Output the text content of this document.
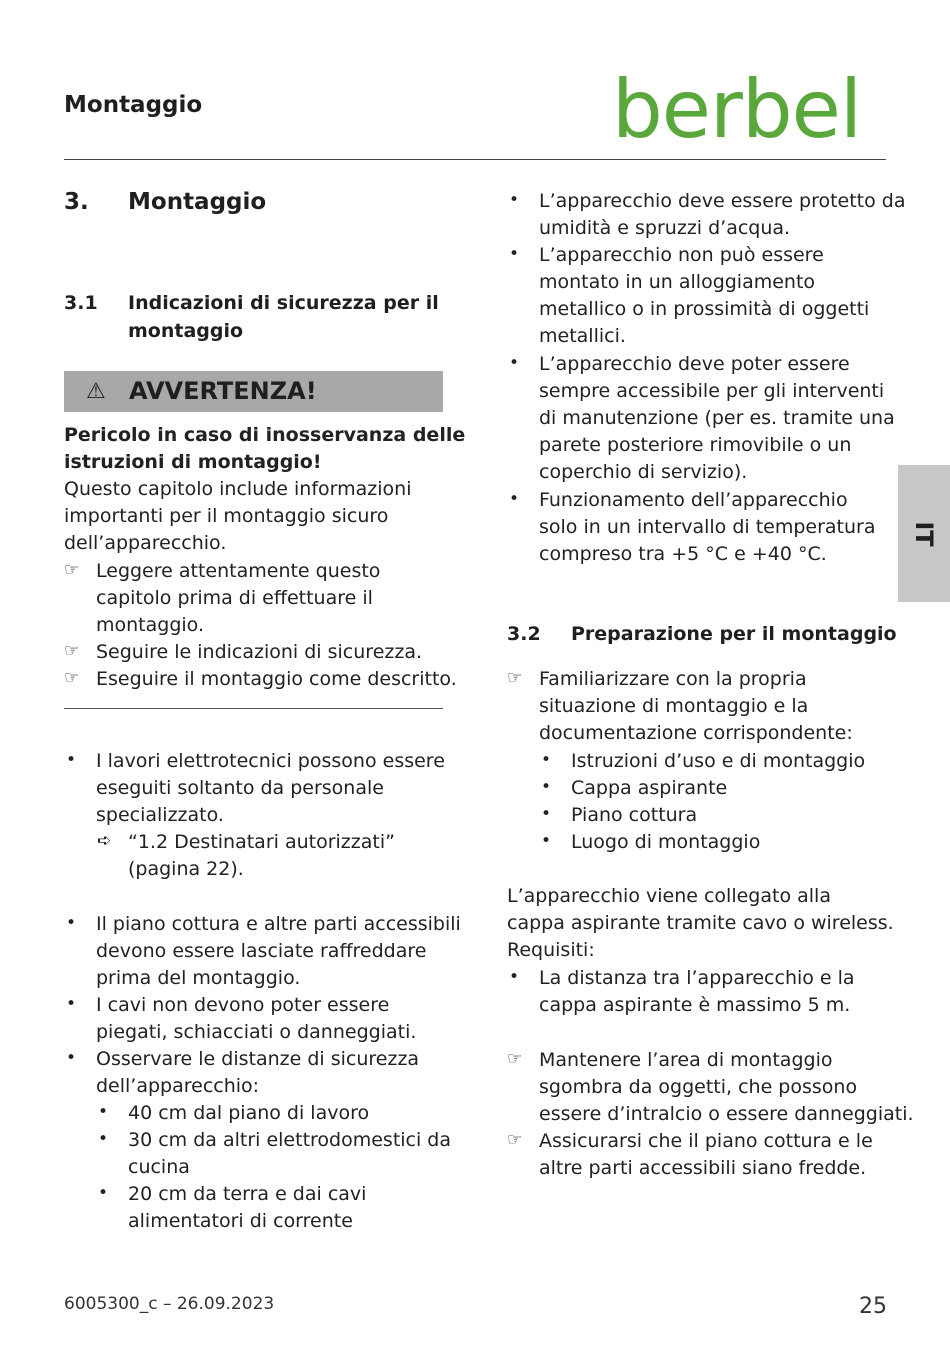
Montaggio	berbel
IT
3. Montaggio
3.1 Indicazioni di sicurezza per il
montaggio
⚠ AVVERTENZA!
Pericolo in caso di inosservanza delle
istruzioni di montaggio!
Questo capitolo include informazioni
importanti per il montaggio sicuro
dell’apparecchio.
☞ Leggere attentamente questo
capitolo prima di effettuare il
montaggio.
☞ Seguire le indicazioni di sicurezza.
☞ Eseguire il montaggio come descritto.
• I lavori elettrotecnici possono essere
eseguiti soltanto da personale
specializzato.
➪ “1.2 Destinatari autorizzati”
(pagina 22).
• Il piano cottura e altre parti accessibili
devono essere lasciate raffreddare
prima del montaggio.
• I cavi non devono poter essere
piegati, schiacciati o danneggiati.
• Osservare le distanze di sicurezza
dell’apparecchio:
• 40 cm dal piano di lavoro
• 30 cm da altri elettrodomestici da
cucina
• 20 cm da terra e dai cavi
alimentatori di corrente
• L’apparecchio deve essere protetto da
umidità e spruzzi d’acqua.
• L’apparecchio non può essere
montato in un alloggiamento
metallico o in prossimità di oggetti
metallici.
• L’apparecchio deve poter essere
sempre accessibile per gli interventi
di manutenzione (per es. tramite una
parete posteriore rimovibile o un
coperchio di servizio).
• Funzionamento dell’apparecchio
solo in un intervallo di temperatura
compreso tra +5 °C e +40 °C.
3.2 Preparazione per il montaggio
☞ Familiarizzare con la propria
situazione di montaggio e la
documentazione corrispondente:
• Istruzioni d’uso e di montaggio
• Cappa aspirante
• Piano cottura
• Luogo di montaggio
L’apparecchio viene collegato alla
cappa aspirante tramite cavo o wireless.
Requisiti:
• La distanza tra l’apparecchio e la
cappa aspirante è massimo 5 m.
☞ Mantenere l’area di montaggio
sgombra da oggetti, che possono
essere d’intralcio o essere danneggiati.
☞ Assicurarsi che il piano cottura e le
altre parti accessibili siano fredde.
6005300_c – 26.09.2023	25
